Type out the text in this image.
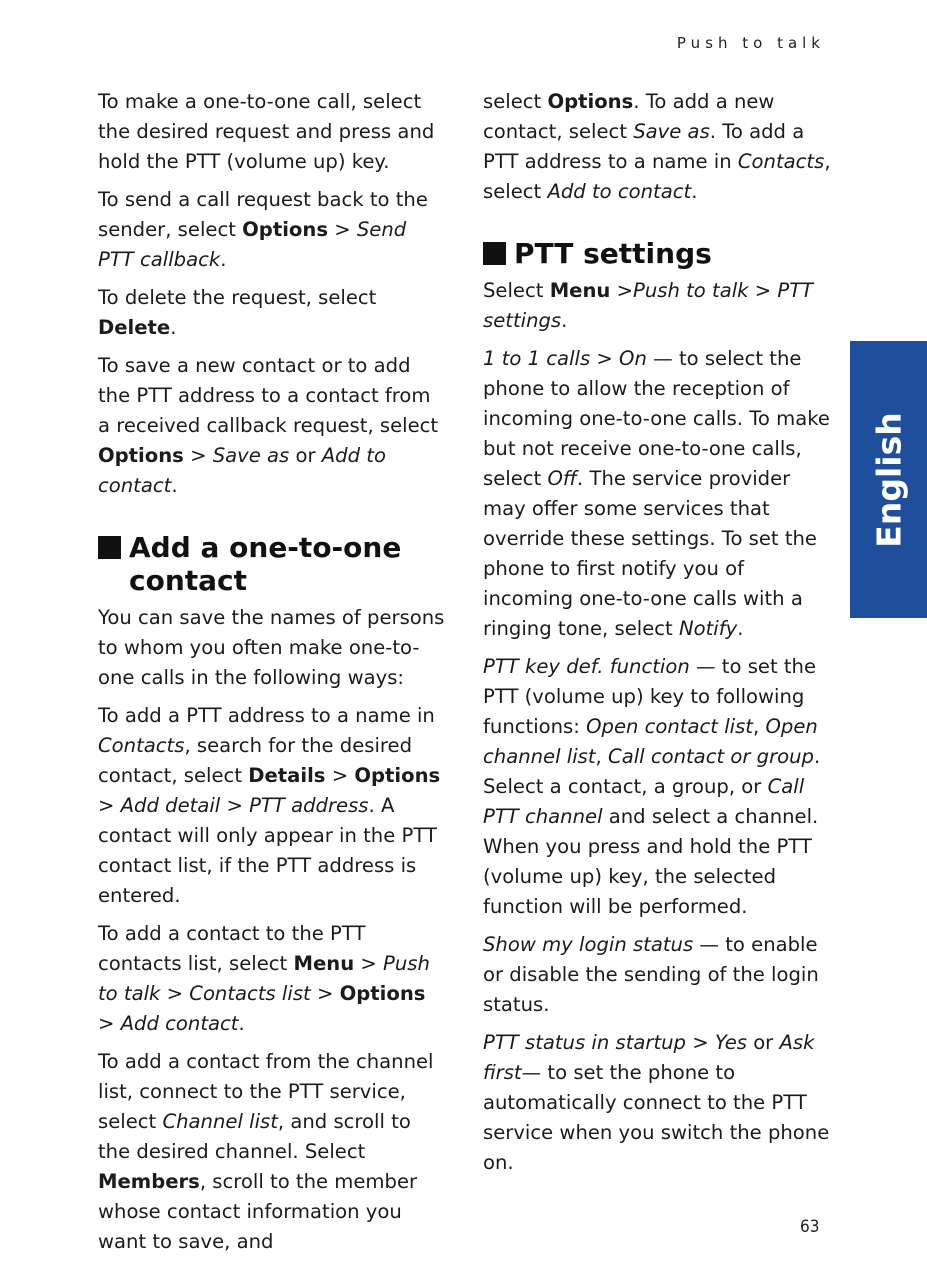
Push to talk

To make a one-to-one call, select the desired request and press and hold the PTT (volume up) key.

To send a call request back to the sender, select Options > Send PTT callback.

To delete the request, select Delete.

To save a new contact or to add the PTT address to a contact from a received callback request, select Options > Save as or Add to contact.

Add a one-to-one contact

You can save the names of persons to whom you often make one-to-one calls in the following ways:

To add a PTT address to a name in Contacts, search for the desired contact, select Details > Options > Add detail > PTT address. A contact will only appear in the PTT contact list, if the PTT address is entered.

To add a contact to the PTT contacts list, select Menu > Push to talk > Contacts list > Options > Add contact.

To add a contact from the channel list, connect to the PTT service, select Channel list, and scroll to the desired channel. Select Members, scroll to the member whose contact information you want to save, and

select Options. To add a new contact, select Save as. To add a PTT address to a name in Contacts, select Add to contact.

PTT settings

Select Menu >Push to talk > PTT settings.

1 to 1 calls > On — to select the phone to allow the reception of incoming one-to-one calls. To make but not receive one-to-one calls, select Off. The service provider may offer some services that override these settings. To set the phone to first notify you of incoming one-to-one calls with a ringing tone, select Notify.

PTT key def. function — to set the PTT (volume up) key to following functions: Open contact list, Open channel list, Call contact or group. Select a contact, a group, or Call PTT channel and select a channel. When you press and hold the PTT (volume up) key, the selected function will be performed.

Show my login status — to enable or disable the sending of the login status.

PTT status in startup > Yes or Ask first— to set the phone to automatically connect to the PTT service when you switch the phone on.

English
63
